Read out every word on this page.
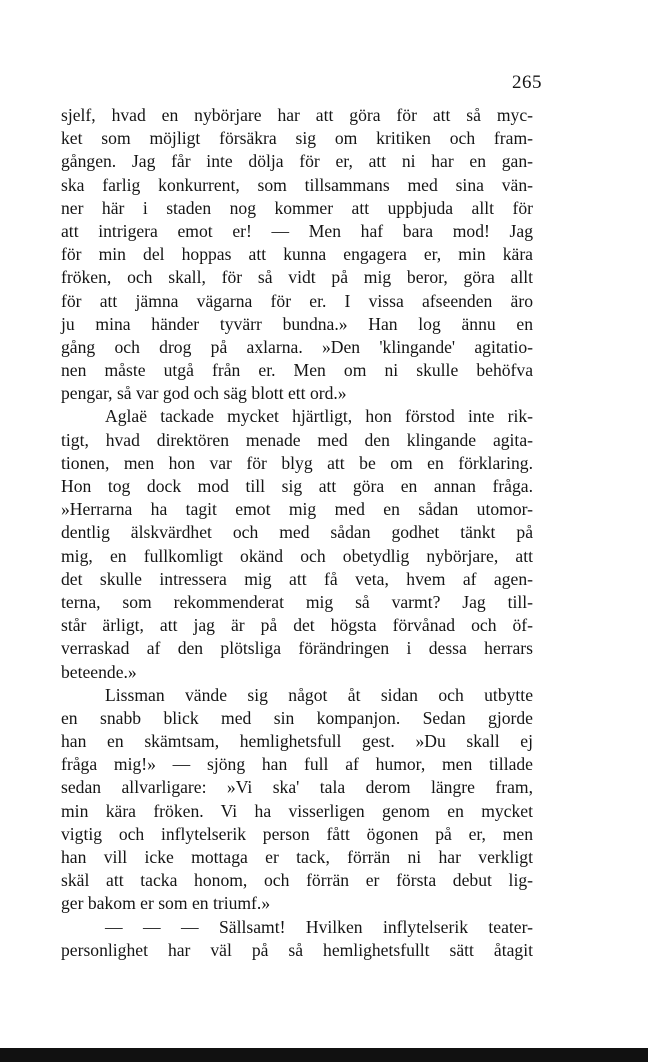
265
sjelf, hvad en nybörjare har att göra för att så myc-
ket som möjligt försäkra sig om kritiken och fram-
gången. Jag får inte dölja för er, att ni har en gan-
ska farlig konkurrent, som tillsammans med sina vän-
ner här i staden nog kommer att uppbjuda allt för
att intrigera emot er! — Men haf bara mod! Jag
för min del hoppas att kunna engagera er, min kära
fröken, och skall, för så vidt på mig beror, göra allt
för att jämna vägarna för er. I vissa afseenden äro
ju mina händer tyvärr bundna.» Han log ännu en
gång och drog på axlarna. »Den 'klingande' agitatio-
nen måste utgå från er. Men om ni skulle behöfva
pengar, så var god och säg blott ett ord.»
Aglaë tackade mycket hjärtligt, hon förstod inte rik-
tigt, hvad direktören menade med den klingande agita-
tionen, men hon var för blyg att be om en förklaring.
Hon tog dock mod till sig att göra en annan fråga.
»Herrarna ha tagit emot mig med en sådan utomor-
dentlig älskvärdhet och med sådan godhet tänkt på
mig, en fullkomligt okänd och obetydlig nybörjare, att
det skulle intressera mig att få veta, hvem af agen-
terna, som rekommenderat mig så varmt? Jag till-
står ärligt, att jag är på det högsta förvånad och öf-
verraskad af den plötsliga förändringen i dessa herrars
beteende.»
Lissman vände sig något åt sidan och utbytte
en snabb blick med sin kompanjon. Sedan gjorde
han en skämtsam, hemlighetsfull gest. »Du skall ej
fråga mig!» — sjöng han full af humor, men tillade
sedan allvarligare: »Vi ska' tala derom längre fram,
min kära fröken. Vi ha visserligen genom en mycket
vigtig och inflytelserik person fått ögonen på er, men
han vill icke mottaga er tack, förrän ni har verkligt
skäl att tacka honom, och förrän er första debut lig-
ger bakom er som en triumf.»
— — — Sällsamt! Hvilken inflytelserik teater-
personlighet har väl på så hemlighetsfullt sätt åtagit
